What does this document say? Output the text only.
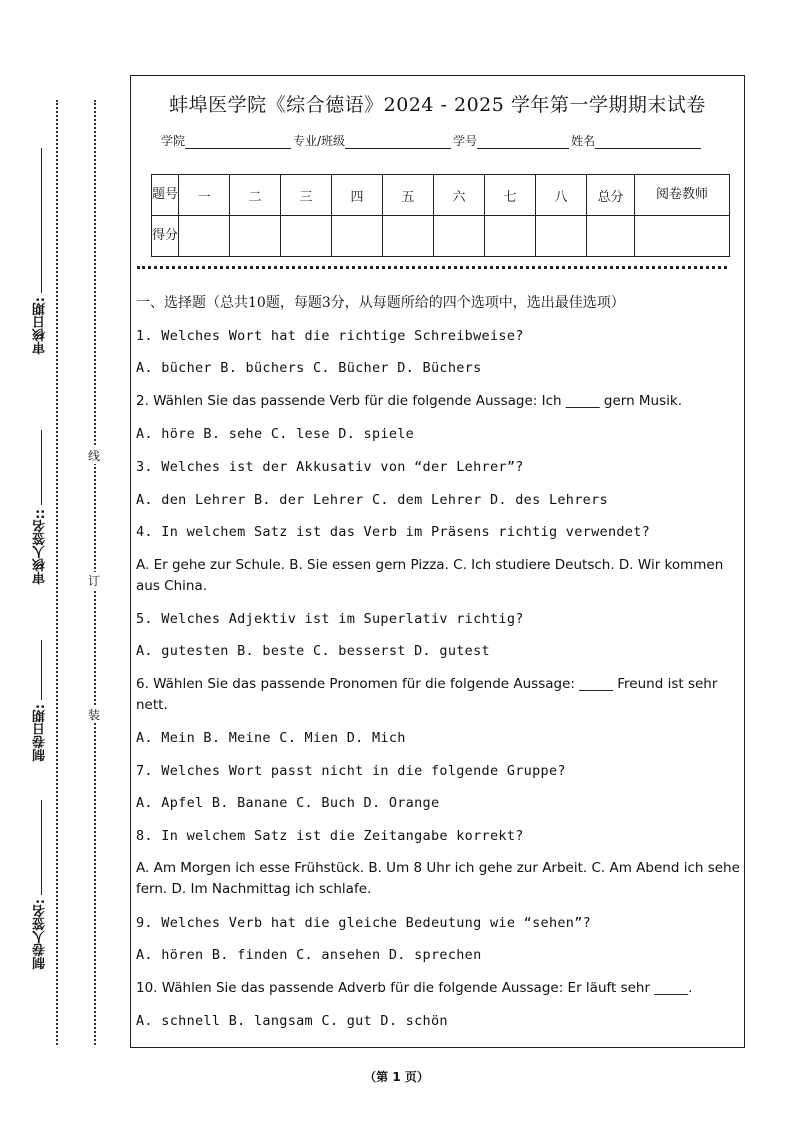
审核日期:
审核人签名::
制卷日期:
制卷人签名:
线
订
装
蚌埠医学院《综合德语》2024 - 2025 学年第一学期期末试卷
学院	专业/班级	学号	姓名
题号	一	二	三	四	五	六	七	八	总分	阅卷教师
得分										
一、选择题（总共10题，每题3分，从每题所给的四个选项中，选出最佳选项）
1. Welches Wort hat die richtige Schreibweise?
A. bücher B. büchers C. Bücher D. Büchers
2. Wählen Sie das passende Verb für die folgende Aussage: Ich _____ gern Musik.
A. höre B. sehe C. lese D. spiele
3. Welches ist der Akkusativ von “der Lehrer”?
A. den Lehrer B. der Lehrer C. dem Lehrer D. des Lehrers
4. In welchem Satz ist das Verb im Präsens richtig verwendet?
A. Er gehe zur Schule. B. Sie essen gern Pizza. C. Ich studiere Deutsch. D. Wir kommen aus China.
5. Welches Adjektiv ist im Superlativ richtig?
A. gutesten B. beste C. besserst D. gutest
6. Wählen Sie das passende Pronomen für die folgende Aussage: _____ Freund ist sehr nett.
A. Mein B. Meine C. Mien D. Mich
7. Welches Wort passt nicht in die folgende Gruppe?
A. Apfel B. Banane C. Buch D. Orange
8. In welchem Satz ist die Zeitangabe korrekt?
A. Am Morgen ich esse Frühstück. B. Um 8 Uhr ich gehe zur Arbeit. C. Am Abend ich sehe fern. D. Im Nachmittag ich schlafe.
9. Welches Verb hat die gleiche Bedeutung wie “sehen”?
A. hören B. finden C. ansehen D. sprechen
10. Wählen Sie das passende Adverb für die folgende Aussage: Er läuft sehr _____.
A. schnell B. langsam C. gut D. schön
（第 1 页）
